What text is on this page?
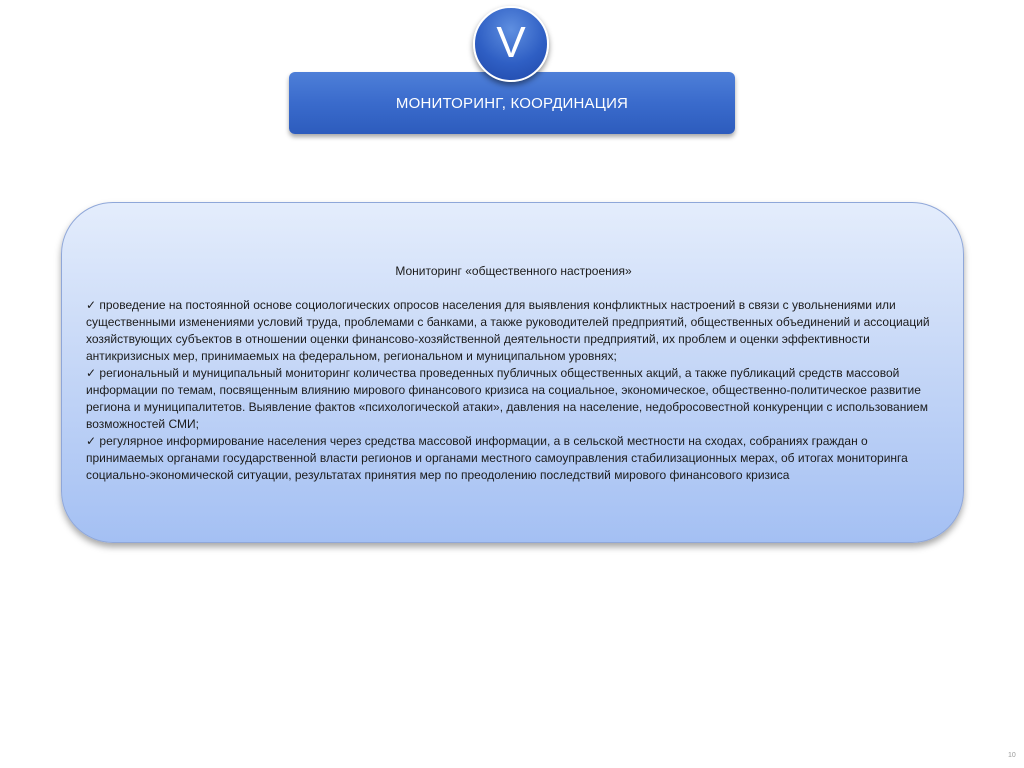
V
МОНИТОРИНГ, КООРДИНАЦИЯ

Мониторинг «общественного настроения»

✓ проведение на постоянной основе социологических опросов населения для выявления конфликтных настроений в связи с увольнениями или существенными изменениями условий труда, проблемами с банками, а также руководителей предприятий, общественных объединений и ассоциаций хозяйствующих субъектов в отношении оценки финансово-хозяйственной деятельности предприятий, их проблем и оценки эффективности антикризисных мер, принимаемых на федеральном, региональном и муниципальном уровнях;

✓ региональный и муниципальный мониторинг количества проведенных публичных общественных акций, а также публикаций средств массовой информации по темам, посвященным влиянию мирового финансового кризиса на социальное, экономическое, общественно-политическое развитие региона и муниципалитетов. Выявление фактов «психологической атаки», давления на население, недобросовестной конкуренции с использованием возможностей СМИ;

✓ регулярное информирование населения через средства массовой информации, а в сельской местности на сходах, собраниях граждан о принимаемых органами государственной власти регионов и органами местного самоуправления стабилизационных мерах, об итогах мониторинга социально-экономической ситуации, результатах принятия мер по преодолению последствий мирового финансового кризиса

10
